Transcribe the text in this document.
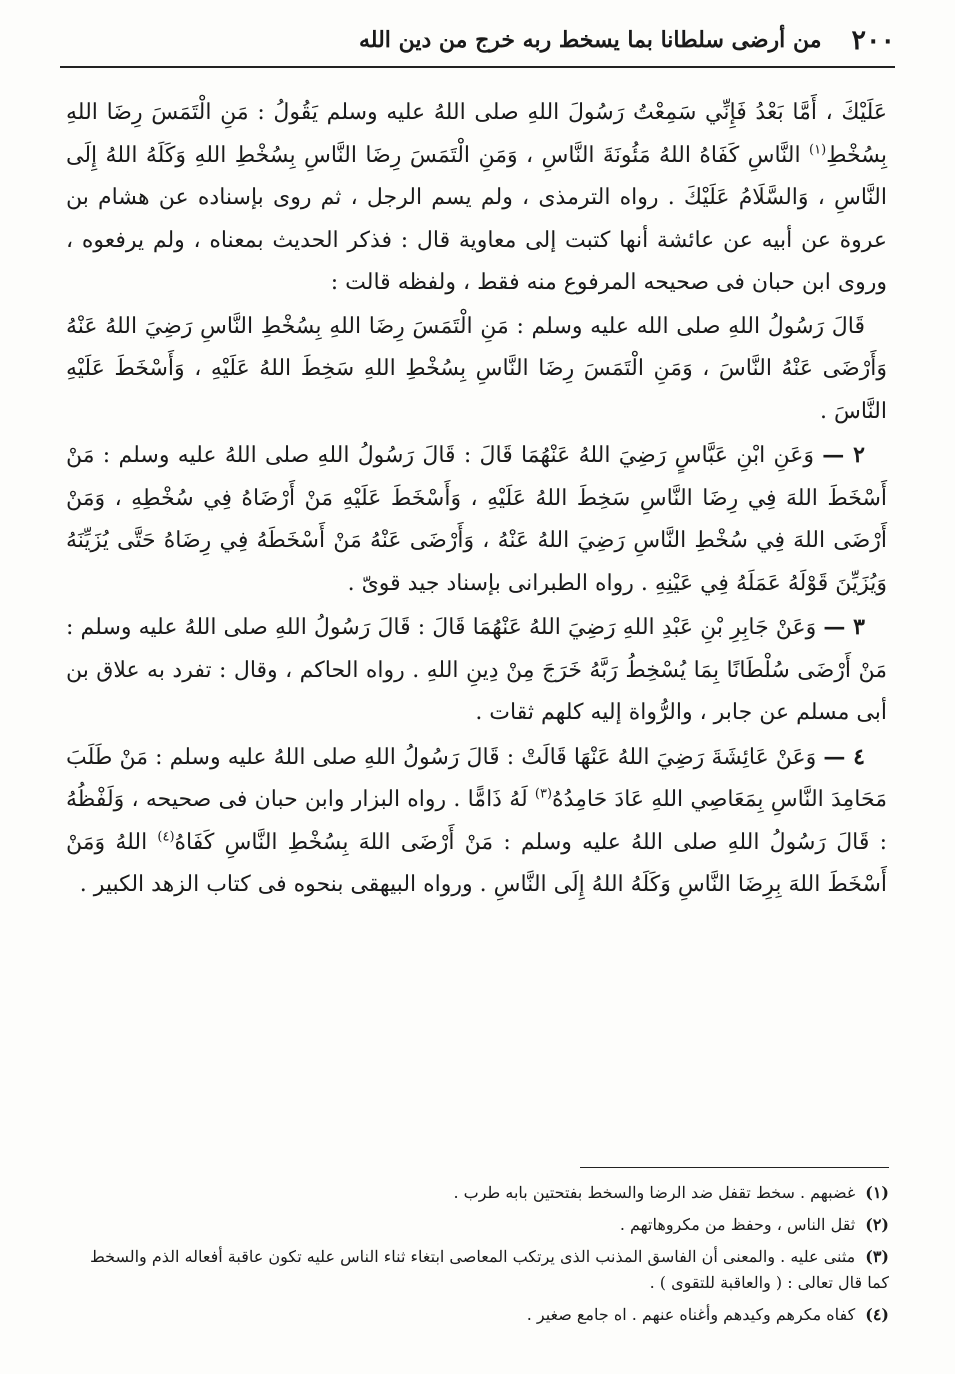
٢٠٠
من أرضى سلطانا بما يسخط ربه خرج من دين الله

عَلَيْكَ ، أَمَّا بَعْدُ فَإِنِّي سَمِعْتُ رَسُولَ اللهِ صلى اللهُ عليه وسلم يَقُولُ : مَنِ الْتَمَسَ رِضَا اللهِ بِسُخْطِ$^{(١)}$ النَّاسِ كَفَاهُ اللهُ مَئُونَةَ النَّاسِ ، وَمَنِ الْتَمَسَ رِضَا النَّاسِ بِسُخْطِ اللهِ وَكَلَهُ اللهُ إِلَى النَّاسِ ، وَالسَّلَامُ عَلَيْكَ . رواه الترمذى ، ولم يسم الرجل ، ثم روى بإسناده عن هشام بن عروة عن أبيه عن عائشة أنها كتبت إلى معاوية قال : فذكر الحديث بمعناه ، ولم يرفعوه ، وروى ابن حبان فى صحيحه المرفوع منه فقط ، ولفظه قالت :

قَالَ رَسُولُ اللهِ صلى الله عليه وسلم : مَنِ الْتَمَسَ رِضَا اللهِ بِسُخْطِ النَّاسِ رَضِيَ اللهُ عَنْهُ وَأَرْضَى عَنْهُ النَّاسَ ، وَمَنِ الْتَمَسَ رِضَا النَّاسِ بِسُخْطِ اللهِ سَخِطَ اللهُ عَلَيْهِ ، وَأَسْخَطَ عَلَيْهِ النَّاسَ .

٢ — وَعَنِ ابْنِ عَبَّاسٍ رَضِيَ اللهُ عَنْهُمَا قَالَ : قَالَ رَسُولُ اللهِ صلى اللهُ عليه وسلم : مَنْ أَسْخَطَ اللهَ فِي رِضَا النَّاسِ سَخِطَ اللهُ عَلَيْهِ ، وَأَسْخَطَ عَلَيْهِ مَنْ أَرْضَاهُ فِي سُخْطِهِ ، وَمَنْ أَرْضَى اللهَ فِي سُخْطِ النَّاسِ رَضِيَ اللهُ عَنْهُ ، وَأَرْضَى عَنْهُ مَنْ أَسْخَطَهُ فِي رِضَاهُ حَتَّى يُزَيِّنَهُ وَيُزَيِّنَ قَوْلَهُ عَمَلَهُ فِي عَيْنِهِ . رواه الطبرانى بإسناد جيد قوىّ .

٣ — وَعَنْ جَابِرِ بْنِ عَبْدِ اللهِ رَضِيَ اللهُ عَنْهُمَا قَالَ : قَالَ رَسُولُ اللهِ صلى اللهُ عليه وسلم : مَنْ أَرْضَى سُلْطَانًا بِمَا يُسْخِطُ رَبَّهُ خَرَجَ مِنْ دِينِ اللهِ . رواه الحاكم ، وقال : تفرد به علاق بن أبى مسلم عن جابر ، والرُّواة إليه كلهم ثقات .

٤ — وَعَنْ عَائِشَةَ رَضِيَ اللهُ عَنْهَا قَالَتْ : قَالَ رَسُولُ اللهِ صلى اللهُ عليه وسلم : مَنْ طَلَبَ مَحَامِدَ النَّاسِ بِمَعَاصِي اللهِ عَادَ حَامِدُهُ$^{(٣)}$ لَهُ ذَامًّا . رواه البزار وابن حبان فى صحيحه ، وَلَفْظُهُ : قَالَ رَسُولُ اللهِ صلى اللهُ عليه وسلم : مَنْ أَرْضَى اللهَ بِسُخْطِ النَّاسِ كَفَاهُ$^{(٤)}$ اللهُ وَمَنْ أَسْخَطَ اللهَ بِرِضَا النَّاسِ وَكَلَهُ اللهُ إِلَى النَّاسِ . ورواه البيهقى بنحوه فى كتاب الزهد الكبير .

(١)غضبهم . سخط تقفل ضد الرضا والسخط بفتحتين بابه طرب .
(٢)ثقل الناس ، وحفظ من مكروهاتهم .
(٣)مثنى عليه . والمعنى أن الفاسق المذنب الذى يرتكب المعاصى ابتغاء ثناء الناس عليه تكون عاقبة أفعاله الذم والسخط كما قال تعالى : ( والعاقبة للتقوى ) .
(٤)كفاه مكرهم وكيدهم وأغناه عنهم . اه جامع صغير .
